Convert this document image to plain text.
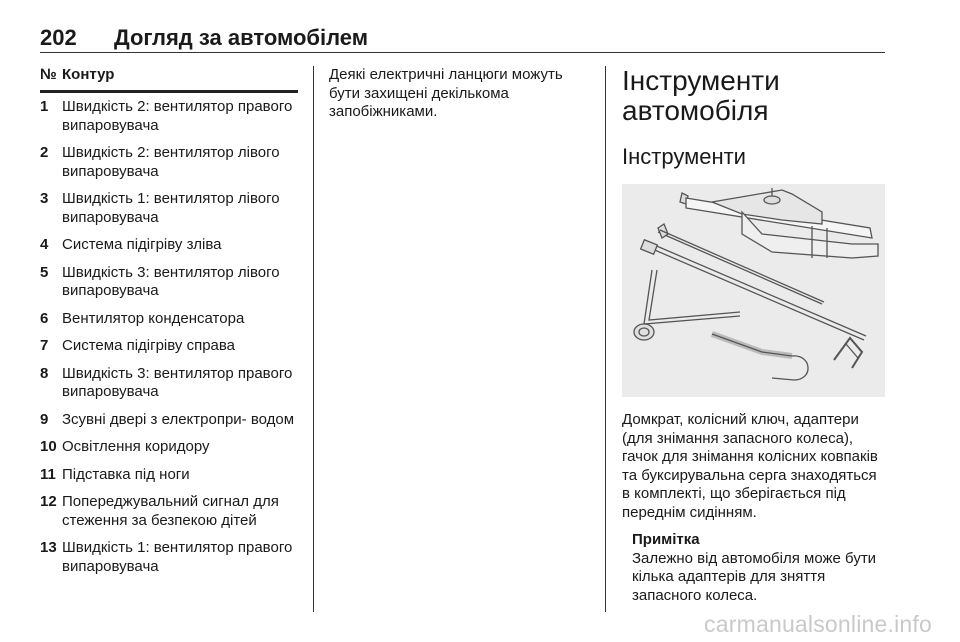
202 Догляд за автомобілем
№ Контур
1 Швидкість 2: вентилятор правого випаровувача
2 Швидкість 2: вентилятор лівого випаровувача
3 Швидкість 1: вентилятор лівого випаровувача
4 Система підігріву зліва
5 Швидкість 3: вентилятор лівого випаровувача
6 Вентилятор конденсатора
7 Система підігріву справа
8 Швидкість 3: вентилятор правого випаровувача
9 Зсувні двері з електропри- водом
10 Освітлення коридору
11 Підставка під ноги
12 Попереджувальний сигнал для стеження за безпекою дітей
13 Швидкість 1: вентилятор правого випаровувача
Деякі електричні ланцюги можуть бути захищені декількома запобіжниками.
Інструменти автомобіля
Інструменти
Домкрат, колісний ключ, адаптери (для знімання запасного колеса), гачок для знімання колісних ковпаків та буксирувальна серга знаходяться в комплекті, що зберігається під переднім сидінням.
Примітка
Залежно від автомобіля може бути кілька адаптерів для зняття запасного колеса.
carmanualsonline.info
